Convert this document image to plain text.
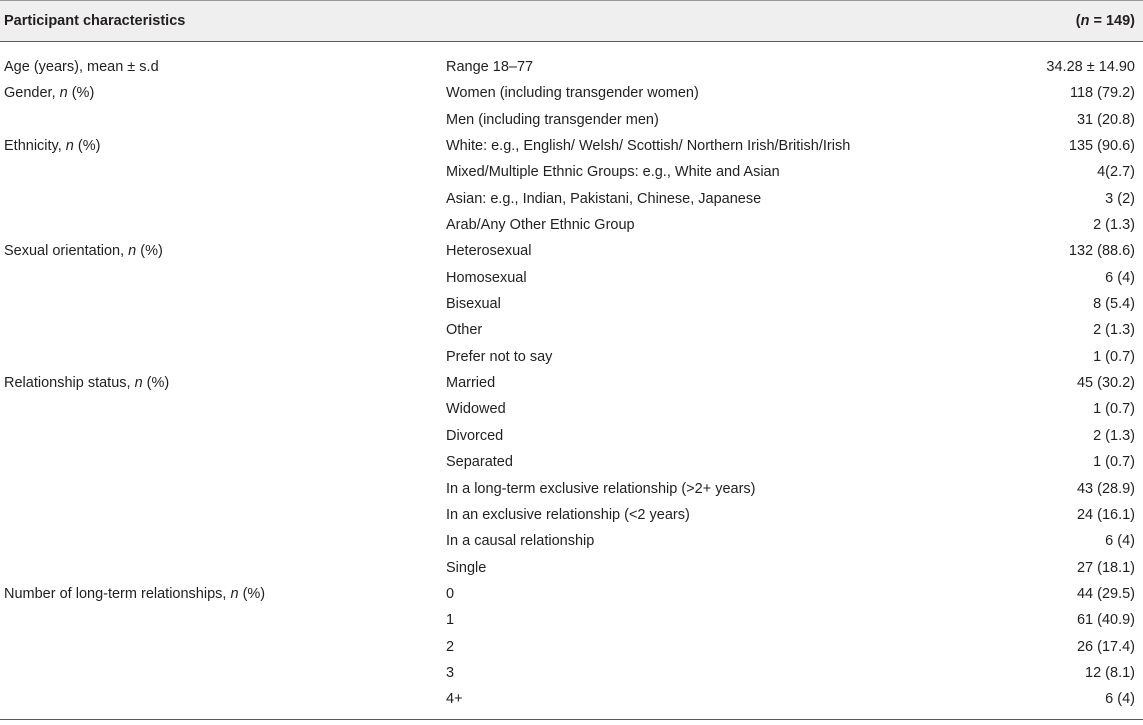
Participant characteristics	(n = 149)
Age (years), mean ± s.d	Range 18–77	34.28 ± 14.90
Gender, n (%)	Women (including transgender women)	118 (79.2)
Men (including transgender men)	31 (20.8)
Ethnicity, n (%)	White: e.g., English/ Welsh/ Scottish/ Northern Irish/British/Irish	135 (90.6)
Mixed/Multiple Ethnic Groups: e.g., White and Asian	4(2.7)
Asian: e.g., Indian, Pakistani, Chinese, Japanese	3 (2)
Arab/Any Other Ethnic Group	2 (1.3)
Sexual orientation, n (%)	Heterosexual	132 (88.6)
Homosexual	6 (4)
Bisexual	8 (5.4)
Other	2 (1.3)
Prefer not to say	1 (0.7)
Relationship status, n (%)	Married	45 (30.2)
Widowed	1 (0.7)
Divorced	2 (1.3)
Separated	1 (0.7)
In a long-term exclusive relationship (>2+ years)	43 (28.9)
In an exclusive relationship (<2 years)	24 (16.1)
In a causal relationship	6 (4)
Single	27 (18.1)
Number of long-term relationships, n (%)	0	44 (29.5)
1	61 (40.9)
2	26 (17.4)
3	12 (8.1)
4+	6 (4)
